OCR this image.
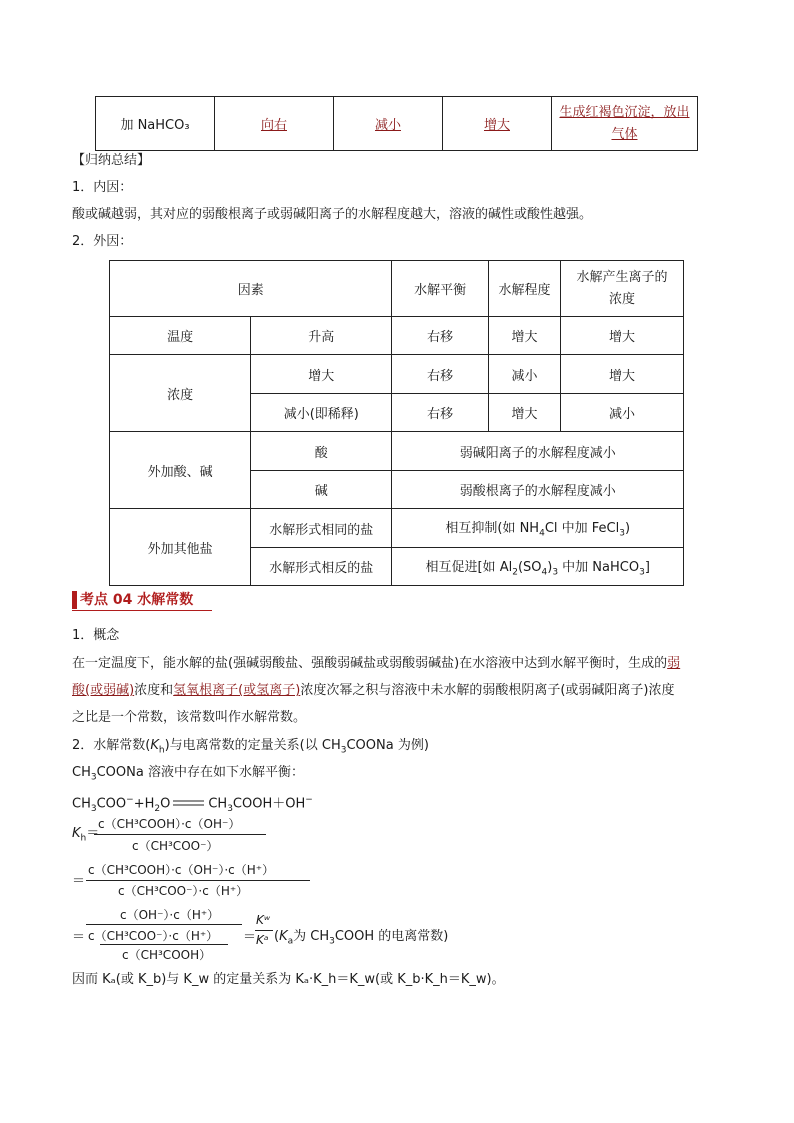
加 NaHCO₃	向右	减小	增大	生成红褐色沉淀，放出
气体
【归纳总结】
1．内因：
酸或碱越弱，其对应的弱酸根离子或弱碱阳离子的水解程度越大，溶液的碱性或酸性越强。
2．外因：
因素		水解平衡	水解程度	水解产生离子的
浓度
温度	升高	右移	增大	增大
浓度	增大	右移	减小	增大
	减小(即稀释)	右移	增大	减小
外加酸、碱	酸	弱碱阳离子的水解程度减小		
	碱	弱酸根离子的水解程度减小		
外加其他盐	水解形式相同的盐	相互抑制(如 $NH_4Cl$ 中加 FeCl$_3$)		
	水解形式相反的盐	相互促进[如 $Al_2(SO_4)_3$ 中加 NaHCO$_3$]		
考点 04 水解常数
1．概念
在一定温度下，能水解的盐(强碱弱酸盐、强酸弱碱盐或弱酸弱碱盐)在水溶液中达到水解平衡时，生成的弱
酸(或弱碱)浓度和氢氧根离子(或氢离子)浓度次幂之积与溶液中未水解的弱酸根阴离子(或弱碱阳离子)浓度
之比是一个常数，该常数叫作水解常数。
2．水解常数$(K_h)$与电离常数的定量关系(以 $CH_3COONa$ 为例)
$CH_3COONa$ 溶液中存在如下水解平衡：
$CH_3COO^-+H_2O$	$CH_3COOH+OH^-$
$K_h=$
c（CH³COOH）·c（OH⁻）
c（CH³COO⁻）
＝
c（CH³COOH）·c（OH⁻）·c（H⁺）
c（CH³COO⁻）·c（H⁺）
＝
c（OH⁻）·c（H⁺）
c（CH³COO⁻）·c（H⁺）
c（CH³COOH）
＝
Kʷ
Kᵃ ($K_a$为 $CH_3COOH$ 的电离常数)
因而 Kₐ(或 K_b)与 K_w 的定量关系为 Kₐ·K_h＝K_w(或 K_b·K_h＝K_w)。
